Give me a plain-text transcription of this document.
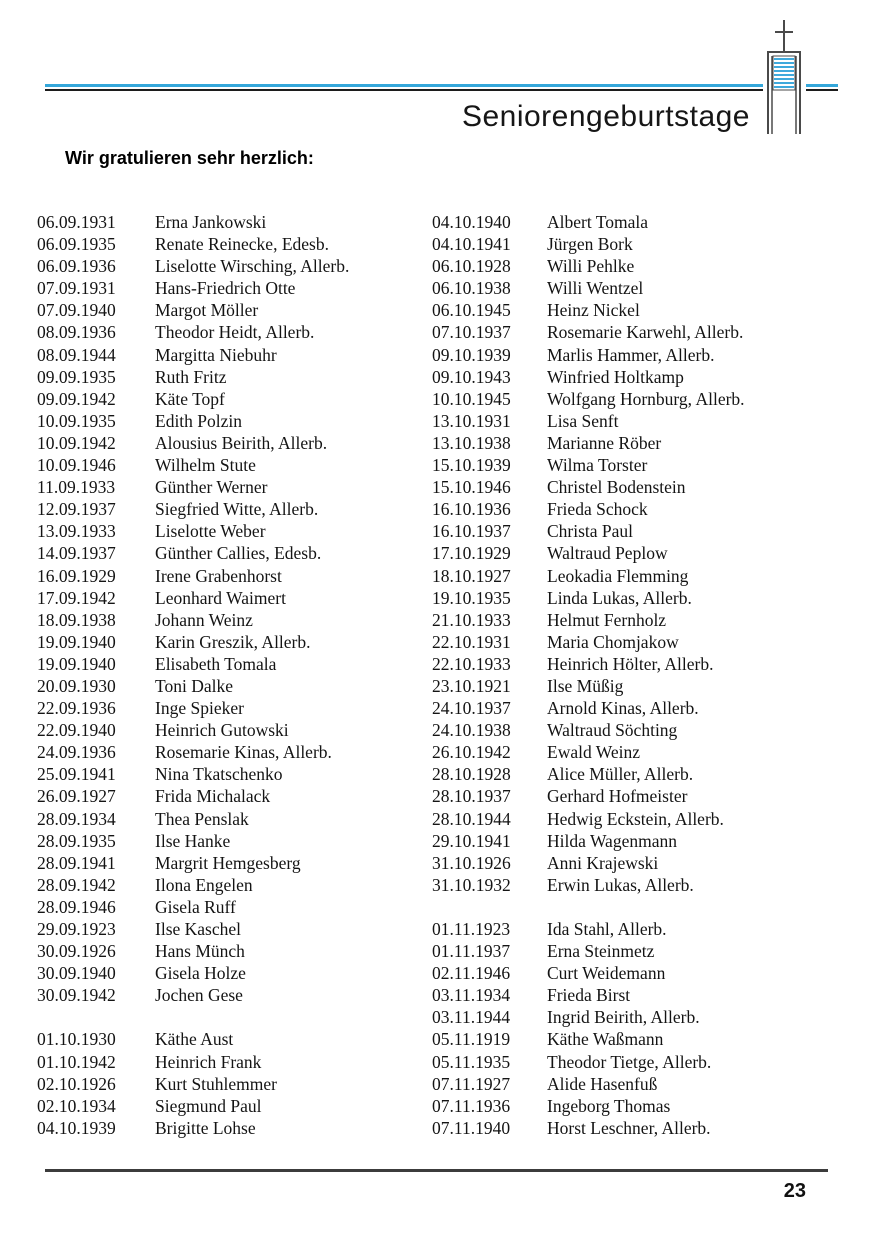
Seniorengeburtstage
Wir gratulieren sehr herzlich:
06.09.1931 Erna Jankowski
06.09.1935 Renate Reinecke, Edesb.
06.09.1936 Liselotte Wirsching, Allerb.
07.09.1931 Hans-Friedrich Otte
07.09.1940 Margot Möller
08.09.1936 Theodor Heidt, Allerb.
08.09.1944 Margitta Niebuhr
09.09.1935 Ruth Fritz
09.09.1942 Käte Topf
10.09.1935 Edith Polzin
10.09.1942 Alousius Beirith, Allerb.
10.09.1946 Wilhelm Stute
11.09.1933 Günther Werner
12.09.1937 Siegfried Witte, Allerb.
13.09.1933 Liselotte Weber
14.09.1937 Günther Callies, Edesb.
16.09.1929 Irene Grabenhorst
17.09.1942 Leonhard Waimert
18.09.1938 Johann Weinz
19.09.1940 Karin Greszik, Allerb.
19.09.1940 Elisabeth Tomala
20.09.1930 Toni Dalke
22.09.1936 Inge Spieker
22.09.1940 Heinrich Gutowski
24.09.1936 Rosemarie Kinas, Allerb.
25.09.1941 Nina Tkatschenko
26.09.1927 Frida Michalack
28.09.1934 Thea Penslak
28.09.1935 Ilse Hanke
28.09.1941 Margrit Hemgesberg
28.09.1942 Ilona Engelen
28.09.1946 Gisela Ruff
29.09.1923 Ilse Kaschel
30.09.1926 Hans Münch
30.09.1940 Gisela Holze
30.09.1942 Jochen Gese
01.10.1930 Käthe Aust
01.10.1942 Heinrich Frank
02.10.1926 Kurt Stuhlemmer
02.10.1934 Siegmund Paul
04.10.1939 Brigitte Lohse
04.10.1940 Albert Tomala
04.10.1941 Jürgen Bork
06.10.1928 Willi Pehlke
06.10.1938 Willi Wentzel
06.10.1945 Heinz Nickel
07.10.1937 Rosemarie Karwehl, Allerb.
09.10.1939 Marlis Hammer, Allerb.
09.10.1943 Winfried Holtkamp
10.10.1945 Wolfgang Hornburg, Allerb.
13.10.1931 Lisa Senft
13.10.1938 Marianne Röber
15.10.1939 Wilma Torster
15.10.1946 Christel Bodenstein
16.10.1936 Frieda Schock
16.10.1937 Christa Paul
17.10.1929 Waltraud Peplow
18.10.1927 Leokadia Flemming
19.10.1935 Linda Lukas, Allerb.
21.10.1933 Helmut Fernholz
22.10.1931 Maria Chomjakow
22.10.1933 Heinrich Hölter, Allerb.
23.10.1921 Ilse Müßig
24.10.1937 Arnold Kinas, Allerb.
24.10.1938 Waltraud Söchting
26.10.1942 Ewald Weinz
28.10.1928 Alice Müller, Allerb.
28.10.1937 Gerhard Hofmeister
28.10.1944 Hedwig Eckstein, Allerb.
29.10.1941 Hilda Wagenmann
31.10.1926 Anni Krajewski
31.10.1932 Erwin Lukas, Allerb.
01.11.1923 Ida Stahl, Allerb.
01.11.1937 Erna Steinmetz
02.11.1946 Curt Weidemann
03.11.1934 Frieda Birst
03.11.1944 Ingrid Beirith, Allerb.
05.11.1919 Käthe Waßmann
05.11.1935 Theodor Tietge, Allerb.
07.11.1927 Alide Hasenfuß
07.11.1936 Ingeborg Thomas
07.11.1940 Horst Leschner, Allerb.
23
